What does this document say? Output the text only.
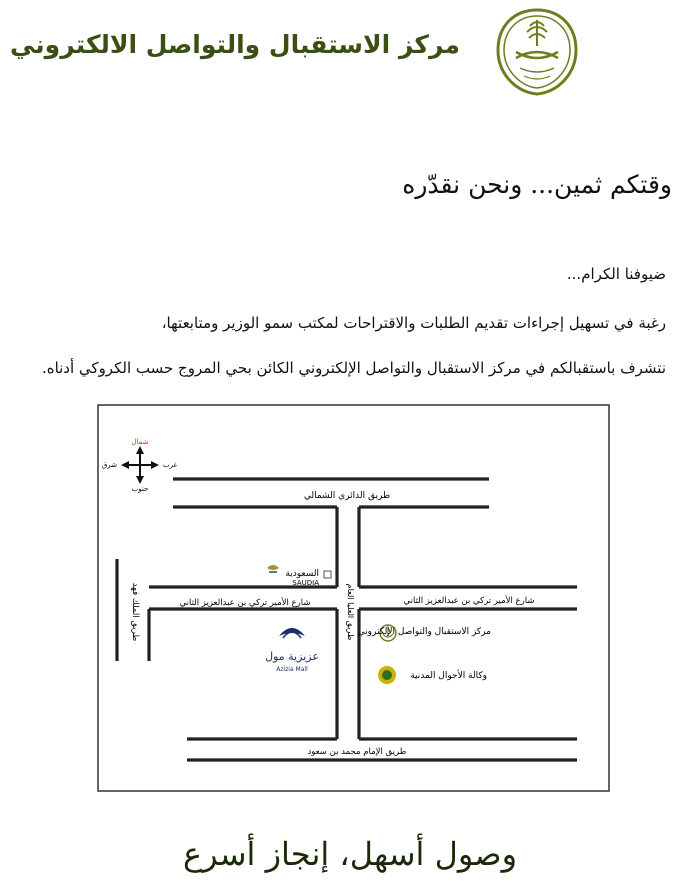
مركز الاستقبال والتواصل الالكتروني
وقتكم ثمين... ونحن نقدّره
ضيوفنا الكرام...
رغبة في تسهيل إجراءات تقديم الطلبات والاقتراحات لمكتب سمو الوزير ومتابعتها،
نتشرف باستقبالكم في مركز الاستقبال والتواصل الإلكتروني الكائن بحي المروج حسب الكروكي أدناه.
شمال
جنوب
شرق	غرب
طريق الدائري الشمالي
شارع الأمير تركي بن عبدالعزيز الثاني	شارع الأمير تركي بن عبدالعزيز الثاني
طريق الملك فهد	طريق العليا العام
طريق الإمام محمد بن سعود
السعودية
SAUDIA
عزيزية مول
Azizia Mall
مركز الاستقبال والتواصل الإلكتروني
وكالة الأحوال المدنية
وصول أسهل، إنجاز أسرع
